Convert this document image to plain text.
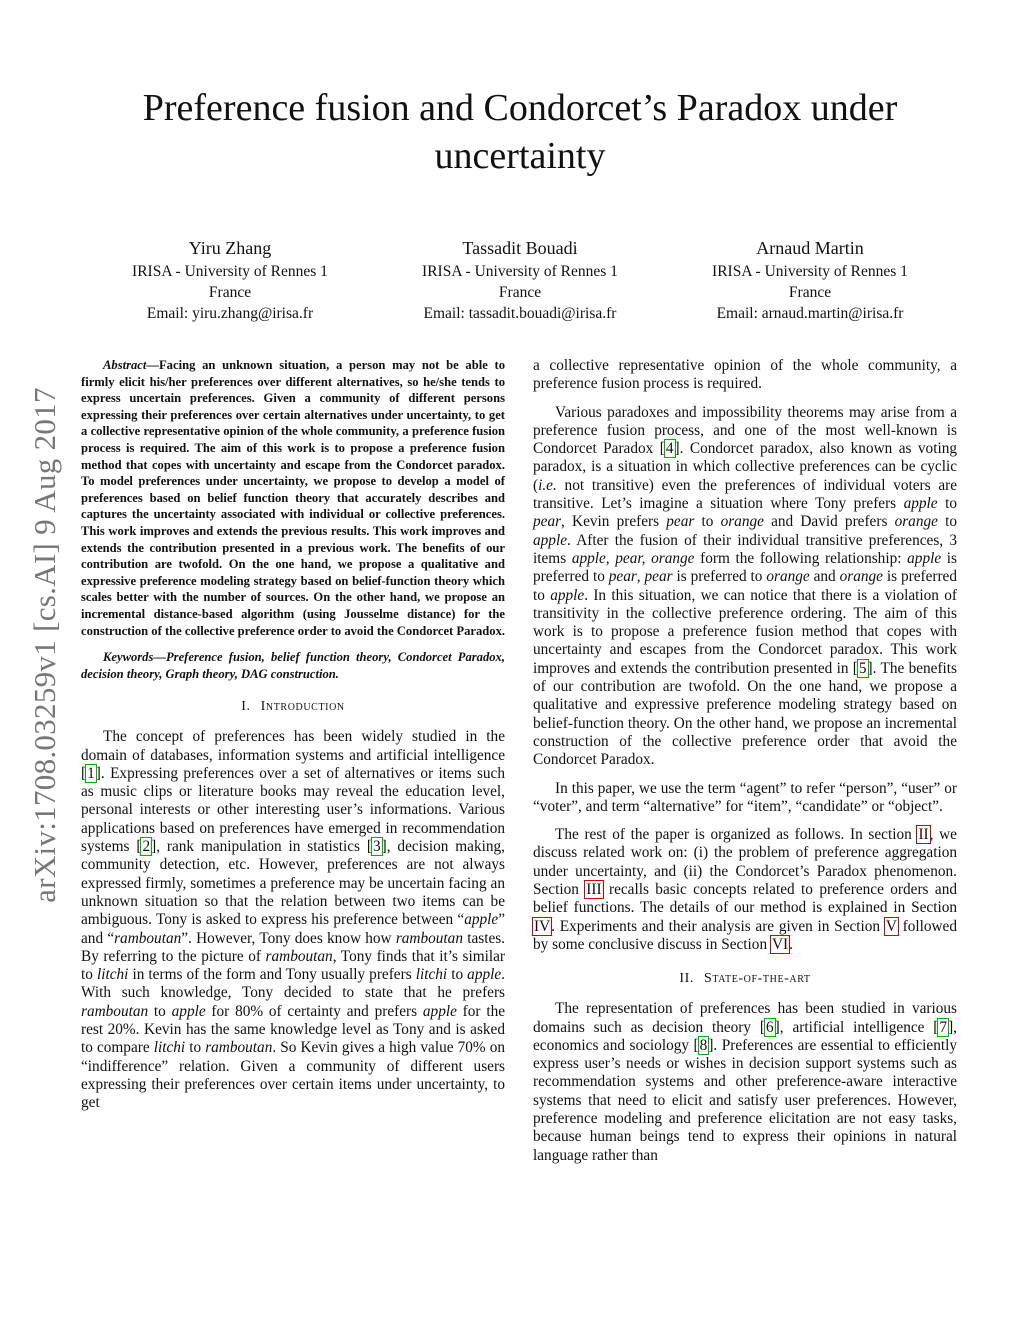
arXiv:1708.03259v1 [cs.AI] 9 Aug 2017
Preference fusion and Condorcet’s Paradox under uncertainty
Yiru Zhang
IRISA - University of Rennes 1
France
Email: yiru.zhang@irisa.fr
Tassadit Bouadi
IRISA - University of Rennes 1
France
Email: tassadit.bouadi@irisa.fr
Arnaud Martin
IRISA - University of Rennes 1
France
Email: arnaud.martin@irisa.fr

Abstract—Facing an unknown situation, a person may not be able to firmly elicit his/her preferences over different alternatives, so he/she tends to express uncertain preferences. Given a community of different persons expressing their preferences over certain alternatives under uncertainty, to get a collective representative opinion of the whole community, a preference fusion process is required. The aim of this work is to propose a preference fusion method that copes with uncertainty and escape from the Condorcet paradox. To model preferences under uncertainty, we propose to develop a model of preferences based on belief function theory that accurately describes and captures the uncertainty associated with individual or collective preferences. This work improves and extends the previous results. This work improves and extends the contribution presented in a previous work. The benefits of our contribution are twofold. On the one hand, we propose a qualitative and expressive preference modeling strategy based on belief-function theory which scales better with the number of sources. On the other hand, we propose an incremental distance-based algorithm (using Jousselme distance) for the construction of the collective preference order to avoid the Condorcet Paradox.

Keywords—Preference fusion, belief function theory, Condorcet Paradox, decision theory, Graph theory, DAG construction.

I. Introduction

The concept of preferences has been widely studied in the domain of databases, information systems and artificial intelligence [1]. Expressing preferences over a set of alternatives or items such as music clips or literature books may reveal the education level, personal interests or other interesting user’s informations. Various applications based on preferences have emerged in recommendation systems [2], rank manipulation in statistics [3], decision making, community detection, etc. However, preferences are not always expressed firmly, sometimes a preference may be uncertain facing an unknown situation so that the relation between two items can be ambiguous. Tony is asked to express his preference between “apple” and “ramboutan”. However, Tony does know how ramboutan tastes. By referring to the picture of ramboutan, Tony finds that it’s similar to litchi in terms of the form and Tony usually prefers litchi to apple. With such knowledge, Tony decided to state that he prefers ramboutan to apple for 80% of certainty and prefers apple for the rest 20%. Kevin has the same knowledge level as Tony and is asked to compare litchi to ramboutan. So Kevin gives a high value 70% on “indifference” relation. Given a community of different users expressing their preferences over certain items under uncertainty, to get

a collective representative opinion of the whole community, a preference fusion process is required.

Various paradoxes and impossibility theorems may arise from a preference fusion process, and one of the most well-known is Condorcet Paradox [4]. Condorcet paradox, also known as voting paradox, is a situation in which collective preferences can be cyclic (i.e. not transitive) even the preferences of individual voters are transitive. Let’s imagine a situation where Tony prefers apple to pear, Kevin prefers pear to orange and David prefers orange to apple. After the fusion of their individual transitive preferences, 3 items apple, pear, orange form the following relationship: apple is preferred to pear, pear is preferred to orange and orange is preferred to apple. In this situation, we can notice that there is a violation of transitivity in the collective preference ordering. The aim of this work is to propose a preference fusion method that copes with uncertainty and escapes from the Condorcet paradox. This work improves and extends the contribution presented in [5]. The benefits of our contribution are twofold. On the one hand, we propose a qualitative and expressive preference modeling strategy based on belief-function theory. On the other hand, we propose an incremental construction of the collective preference order that avoid the Condorcet Paradox.

In this paper, we use the term “agent” to refer “person”, “user” or “voter”, and term “alternative” for “item”, “candidate” or “object”.

The rest of the paper is organized as follows. In section II, we discuss related work on: (i) the problem of preference aggregation under uncertainty, and (ii) the Condorcet’s Paradox phenomenon. Section III recalls basic concepts related to preference orders and belief functions. The details of our method is explained in Section IV. Experiments and their analysis are given in Section V followed by some conclusive discuss in Section VI.

II. State-of-the-art

The representation of preferences has been studied in various domains such as decision theory [6], artificial intelligence [7], economics and sociology [8]. Preferences are essential to efficiently express user’s needs or wishes in decision support systems such as recommendation systems and other preference-aware interactive systems that need to elicit and satisfy user preferences. However, preference modeling and preference elicitation are not easy tasks, because human beings tend to express their opinions in natural language rather than
